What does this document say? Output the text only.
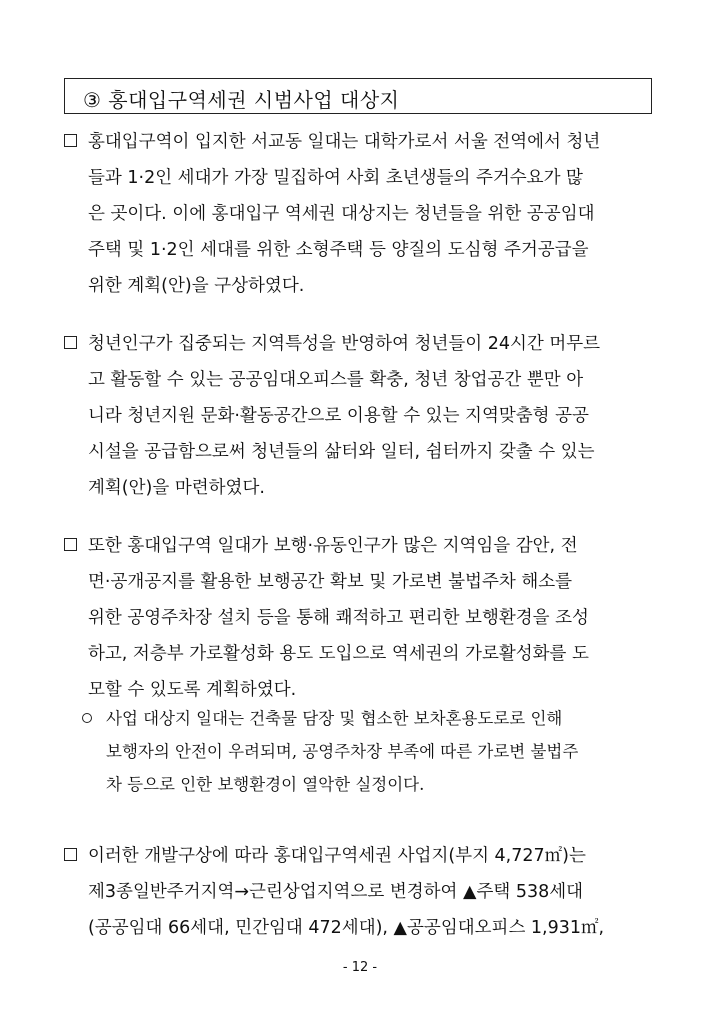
③ 홍대입구역세권 시범사업 대상지
홍대입구역이 입지한 서교동 일대는 대학가로서 서울 전역에서 청년
들과 1·2인 세대가 가장 밀집하여 사회 초년생들의 주거수요가 많
은 곳이다. 이에 홍대입구 역세권 대상지는 청년들을 위한 공공임대
주택 및 1·2인 세대를 위한 소형주택 등 양질의 도심형 주거공급을
위한 계획(안)을 구상하였다.
청년인구가 집중되는 지역특성을 반영하여 청년들이 24시간 머무르
고 활동할 수 있는 공공임대오피스를 확충, 청년 창업공간 뿐만 아
니라 청년지원 문화·활동공간으로 이용할 수 있는 지역맞춤형 공공
시설을 공급함으로써 청년들의 삶터와 일터, 쉼터까지 갖출 수 있는
계획(안)을 마련하였다.
또한 홍대입구역 일대가 보행·유동인구가 많은 지역임을 감안, 전
면·공개공지를 활용한 보행공간 확보 및 가로변 불법주차 해소를
위한 공영주차장 설치 등을 통해 쾌적하고 편리한 보행환경을 조성
하고, 저층부 가로활성화 용도 도입으로 역세권의 가로활성화를 도
모할 수 있도록 계획하였다.
사업 대상지 일대는 건축물 담장 및 협소한 보차혼용도로로 인해
보행자의 안전이 우려되며, 공영주차장 부족에 따른 가로변 불법주
차 등으로 인한 보행환경이 열악한 실정이다.
이러한 개발구상에 따라 홍대입구역세권 사업지(부지 4,727㎡)는
제3종일반주거지역→근린상업지역으로 변경하여 ▲주택 538세대
(공공임대 66세대, 민간임대 472세대), ▲공공임대오피스 1,931㎡,
- 12 -
